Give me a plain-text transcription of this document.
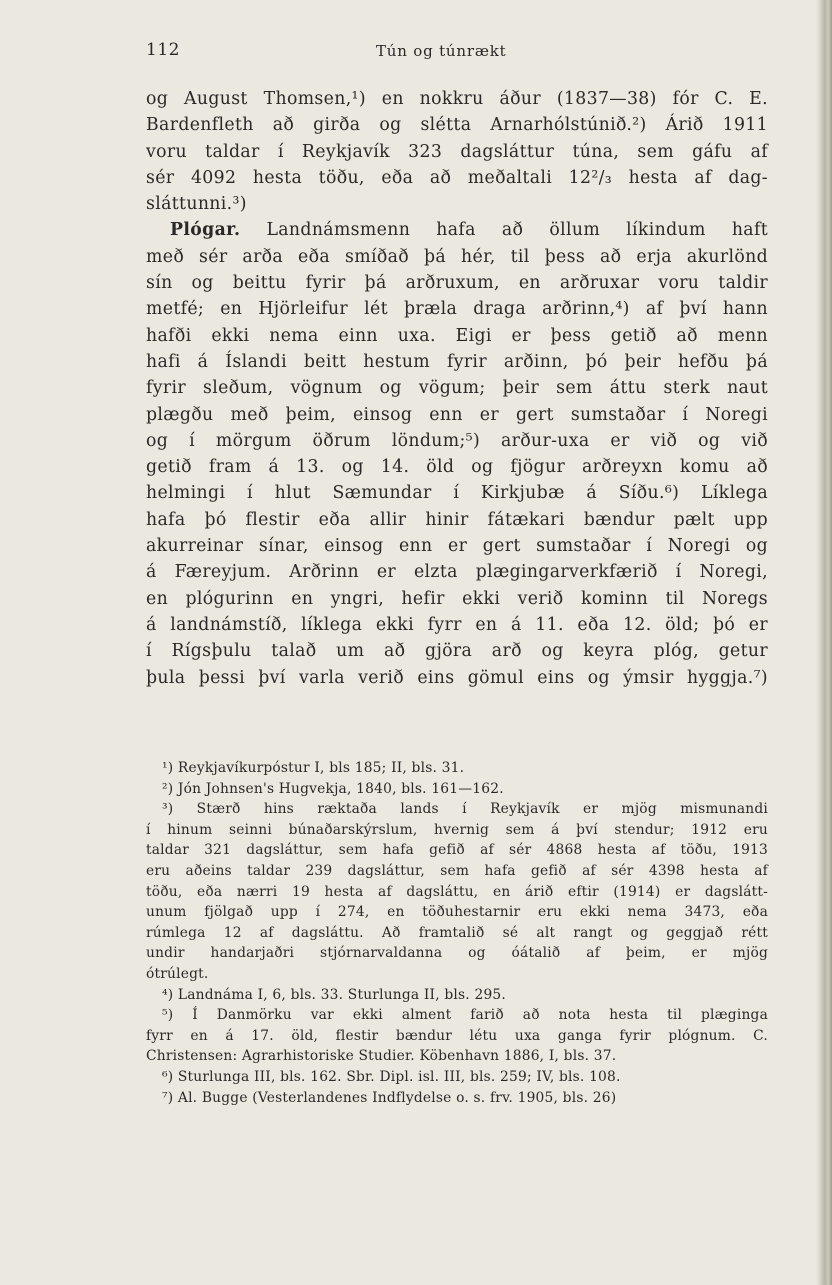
112	Tún og túnrækt
og August Thomsen,¹) en nokkru áður (1837—38) fór C. E.
Bardenfleth að girða og slétta Arnarhólstúnið.²) Árið 1911
voru taldar í Reykjavík 323 dagsláttur túna, sem gáfu af
sér 4092 hesta töðu, eða að meðaltali 12²/₃ hesta af dag-
sláttunni.³)
Plógar. Landnámsmenn hafa að öllum líkindum haft
með sér arða eða smíðað þá hér, til þess að erja akurlönd
sín og beittu fyrir þá arðruxum, en arðruxar voru taldir
metfé; en Hjörleifur lét þræla draga arðrinn,⁴) af því hann
hafði ekki nema einn uxa. Eigi er þess getið að menn
hafi á Íslandi beitt hestum fyrir arðinn, þó þeir hefðu þá
fyrir sleðum, vögnum og vögum; þeir sem áttu sterk naut
plægðu með þeim, einsog enn er gert sumstaðar í Noregi
og í mörgum öðrum löndum;⁵) arður-uxa er við og við
getið fram á 13. og 14. öld og fjögur arðreyxn komu að
helmingi í hlut Sæmundar í Kirkjubæ á Síðu.⁶) Líklega
hafa þó flestir eða allir hinir fátækari bændur pælt upp
akurreinar sínar, einsog enn er gert sumstaðar í Noregi og
á Færeyjum. Arðrinn er elzta plægingarverkfærið í Noregi,
en plógurinn en yngri, hefir ekki verið kominn til Noregs
á landnámstíð, líklega ekki fyrr en á 11. eða 12. öld; þó er
í Rígsþulu talað um að gjöra arð og keyra plóg, getur
þula þessi því varla verið eins gömul eins og ýmsir hyggja.⁷)
¹) Reykjavíkurpóstur I, bls 185; II, bls. 31.
²) Jón Johnsen's Hugvekja, 1840, bls. 161—162.
³) Stærð hins ræktaða lands í Reykjavík er mjög mismunandi
í hinum seinni búnaðarskýrslum, hvernig sem á því stendur; 1912 eru
taldar 321 dagsláttur, sem hafa gefið af sér 4868 hesta af töðu, 1913
eru aðeins taldar 239 dagsláttur, sem hafa gefið af sér 4398 hesta af
töðu, eða nærri 19 hesta af dagsláttu, en árið eftir (1914) er dagslátt-
unum fjölgað upp í 274, en töðuhestarnir eru ekki nema 3473, eða
rúmlega 12 af dagsláttu. Að framtalið sé alt rangt og geggjað rétt
undir handarjaðri stjórnarvaldanna og óátalið af þeim, er mjög
ótrúlegt.
⁴) Landnáma I, 6, bls. 33. Sturlunga II, bls. 295.
⁵) Í Danmörku var ekki alment farið að nota hesta til plæginga
fyrr en á 17. öld, flestir bændur létu uxa ganga fyrir plógnum. C.
Christensen: Agrarhistoriske Studier. Köbenhavn 1886, I, bls. 37.
⁶) Sturlunga III, bls. 162. Sbr. Dipl. isl. III, bls. 259; IV, bls. 108.
⁷) Al. Bugge (Vesterlandenes Indflydelse o. s. frv. 1905, bls. 26)
